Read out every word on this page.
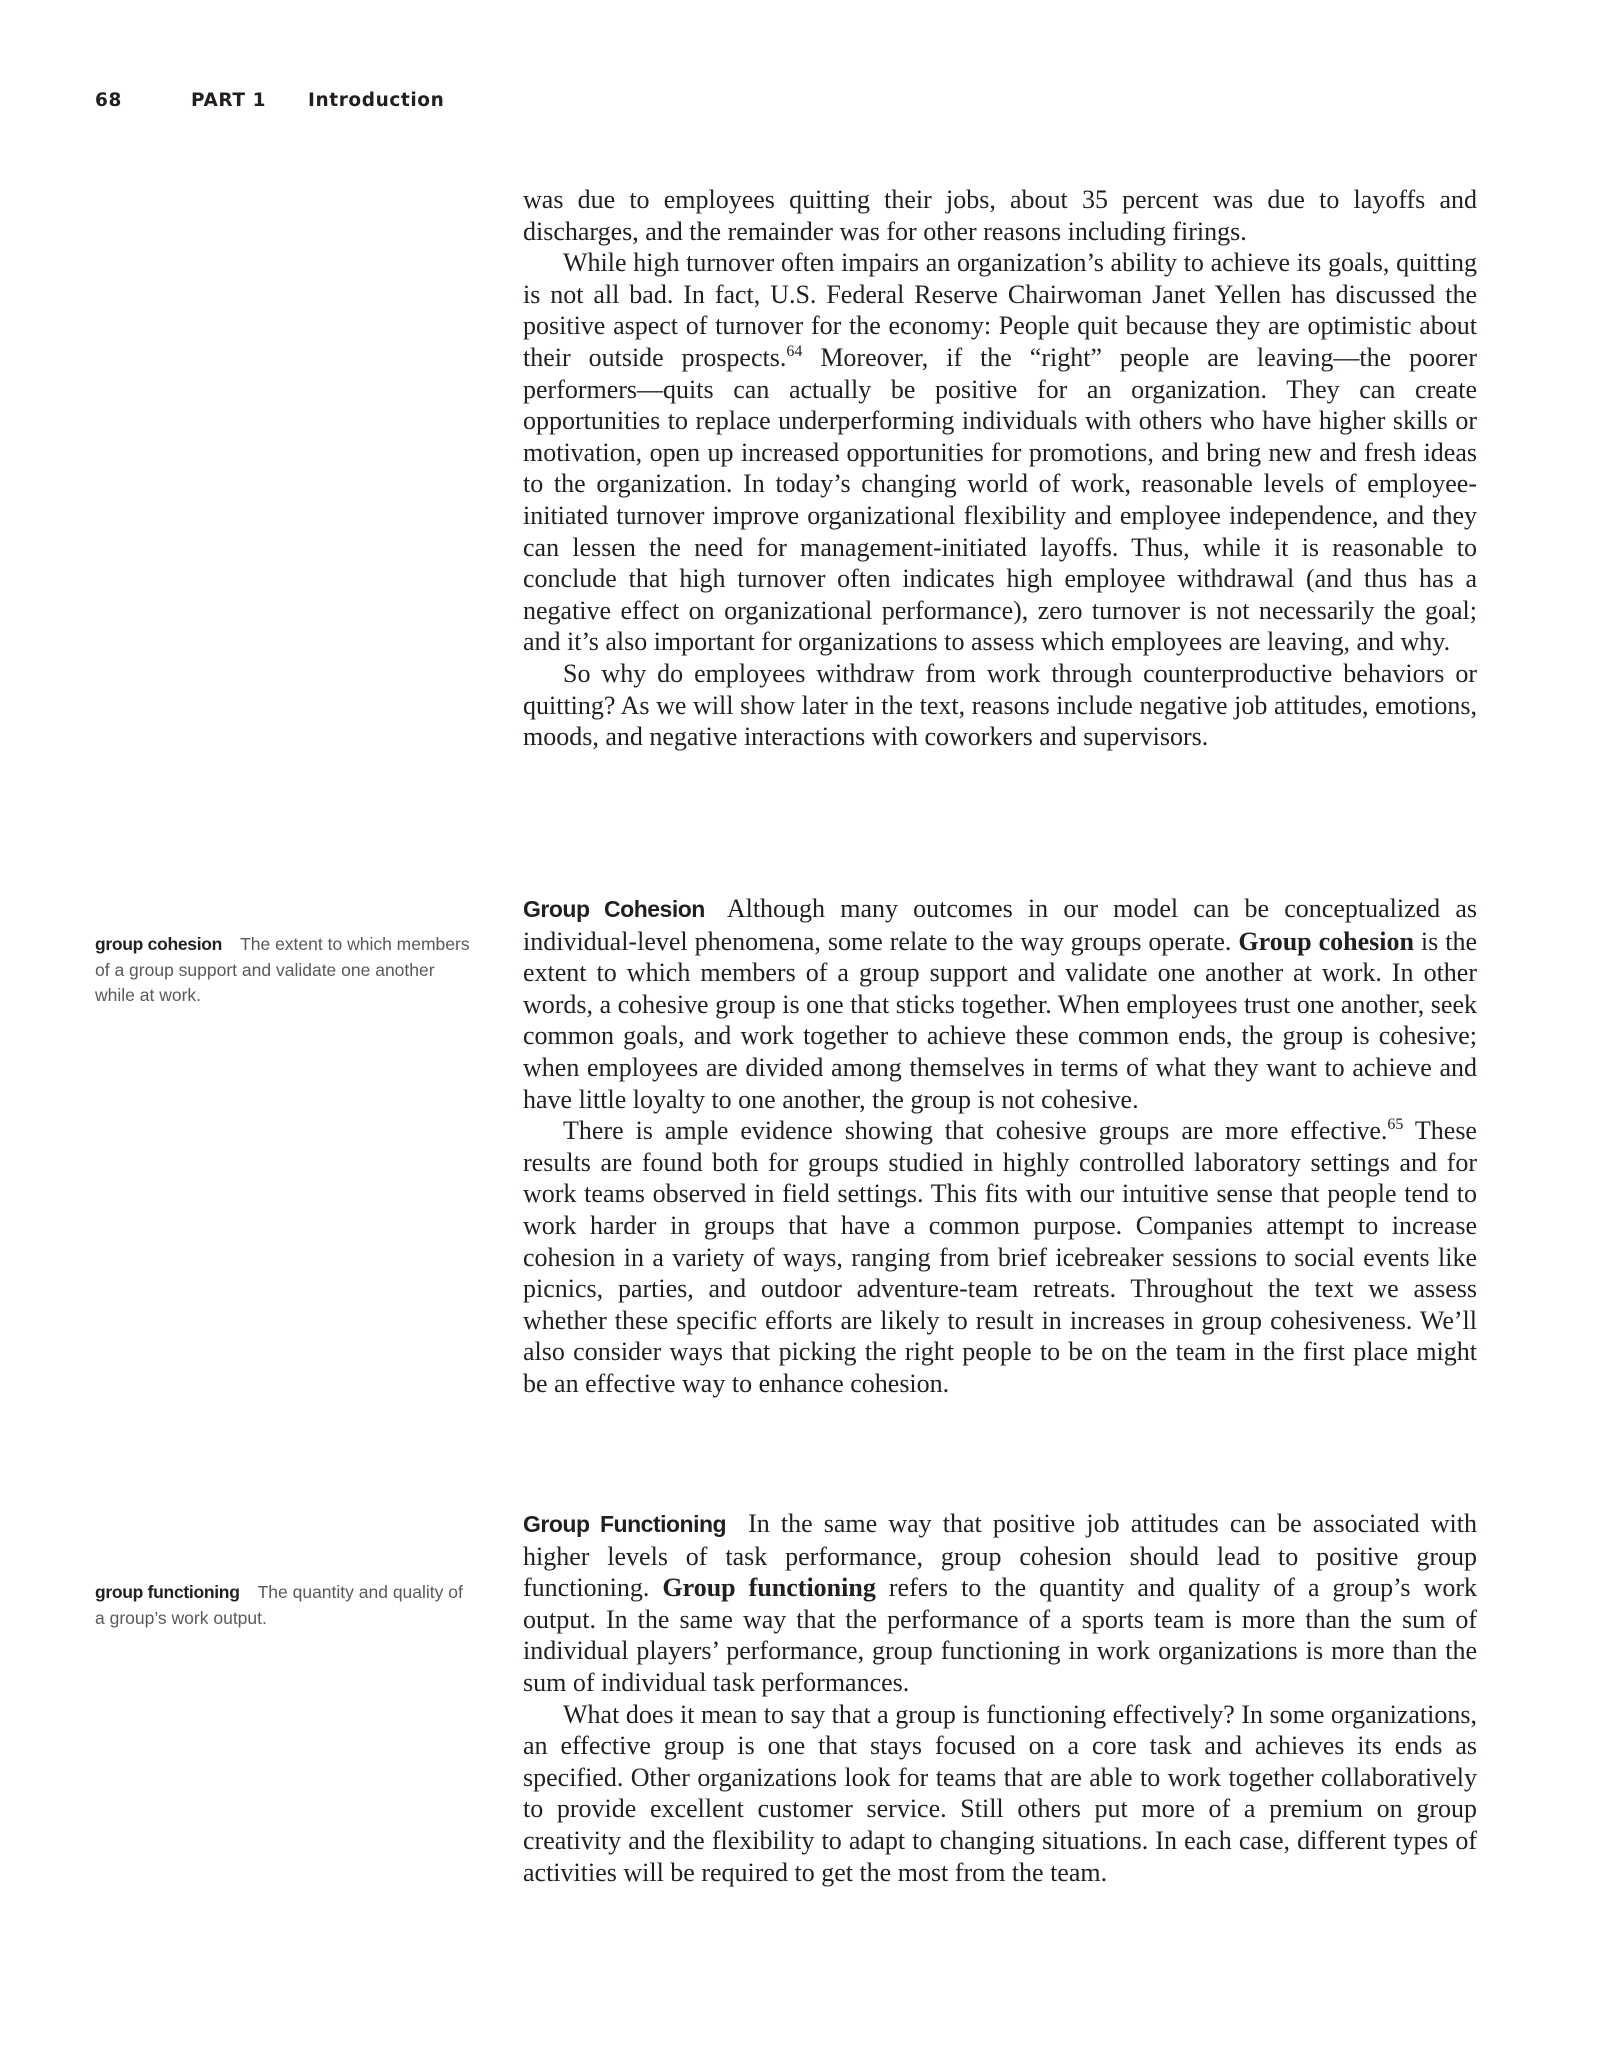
68	PART 1 Introduction

was due to employees quitting their jobs, about 35 percent was due to layoffs and discharges, and the remainder was for other reasons including firings.

While high turnover often impairs an organization’s ability to achieve its goals, quitting is not all bad. In fact, U.S. Federal Reserve Chairwoman Janet Yellen has discussed the positive aspect of turnover for the economy: People quit because they are optimistic about their outside prospects.$^{64}$ Moreover, if the “right” people are leaving—the poorer performers—quits can actually be positive for an organization. They can create opportunities to replace underperforming individuals with others who have higher skills or motivation, open up increased opportunities for promotions, and bring new and fresh ideas to the organization. In today’s changing world of work, reasonable levels of employee-initiated turnover improve organizational flexibility and employee independence, and they can lessen the need for management-initiated layoffs. Thus, while it is reasonable to conclude that high turnover often indicates high employee withdrawal (and thus has a negative effect on organizational performance), zero turnover is not necessarily the goal; and it’s also important for organizations to assess which employees are leaving, and why.

So why do employees withdraw from work through counterproductive behaviors or quitting? As we will show later in the text, reasons include negative job attitudes, emotions, moods, and negative interactions with coworkers and supervisors.

Group Cohesion Although many outcomes in our model can be conceptualized as individual-level phenomena, some relate to the way groups operate. Group cohesion is the extent to which members of a group support and validate one another at work. In other words, a cohesive group is one that sticks together. When employees trust one another, seek common goals, and work together to achieve these common ends, the group is cohesive; when employees are divided among themselves in terms of what they want to achieve and have little loyalty to one another, the group is not cohesive.

There is ample evidence showing that cohesive groups are more effective.$^{65}$ These results are found both for groups studied in highly controlled laboratory settings and for work teams observed in field settings. This fits with our intuitive sense that people tend to work harder in groups that have a common purpose. Companies attempt to increase cohesion in a variety of ways, ranging from brief icebreaker sessions to social events like picnics, parties, and outdoor adventure-team retreats. Throughout the text we assess whether these specific efforts are likely to result in increases in group cohesiveness. We’ll also consider ways that picking the right people to be on the team in the first place might be an effective way to enhance cohesion.

Group Functioning In the same way that positive job attitudes can be associated with higher levels of task performance, group cohesion should lead to positive group functioning. Group functioning refers to the quantity and quality of a group’s work output. In the same way that the performance of a sports team is more than the sum of individual players’ performance, group functioning in work organizations is more than the sum of individual task performances.

What does it mean to say that a group is functioning effectively? In some organizations, an effective group is one that stays focused on a core task and achieves its ends as specified. Other organizations look for teams that are able to work together collaboratively to provide excellent customer service. Still others put more of a premium on group creativity and the flexibility to adapt to changing situations. In each case, different types of activities will be required to get the most from the team.

group cohesion The extent to which members of a group support and validate one another while at work.
group functioning The quantity and quality of a group’s work output.
